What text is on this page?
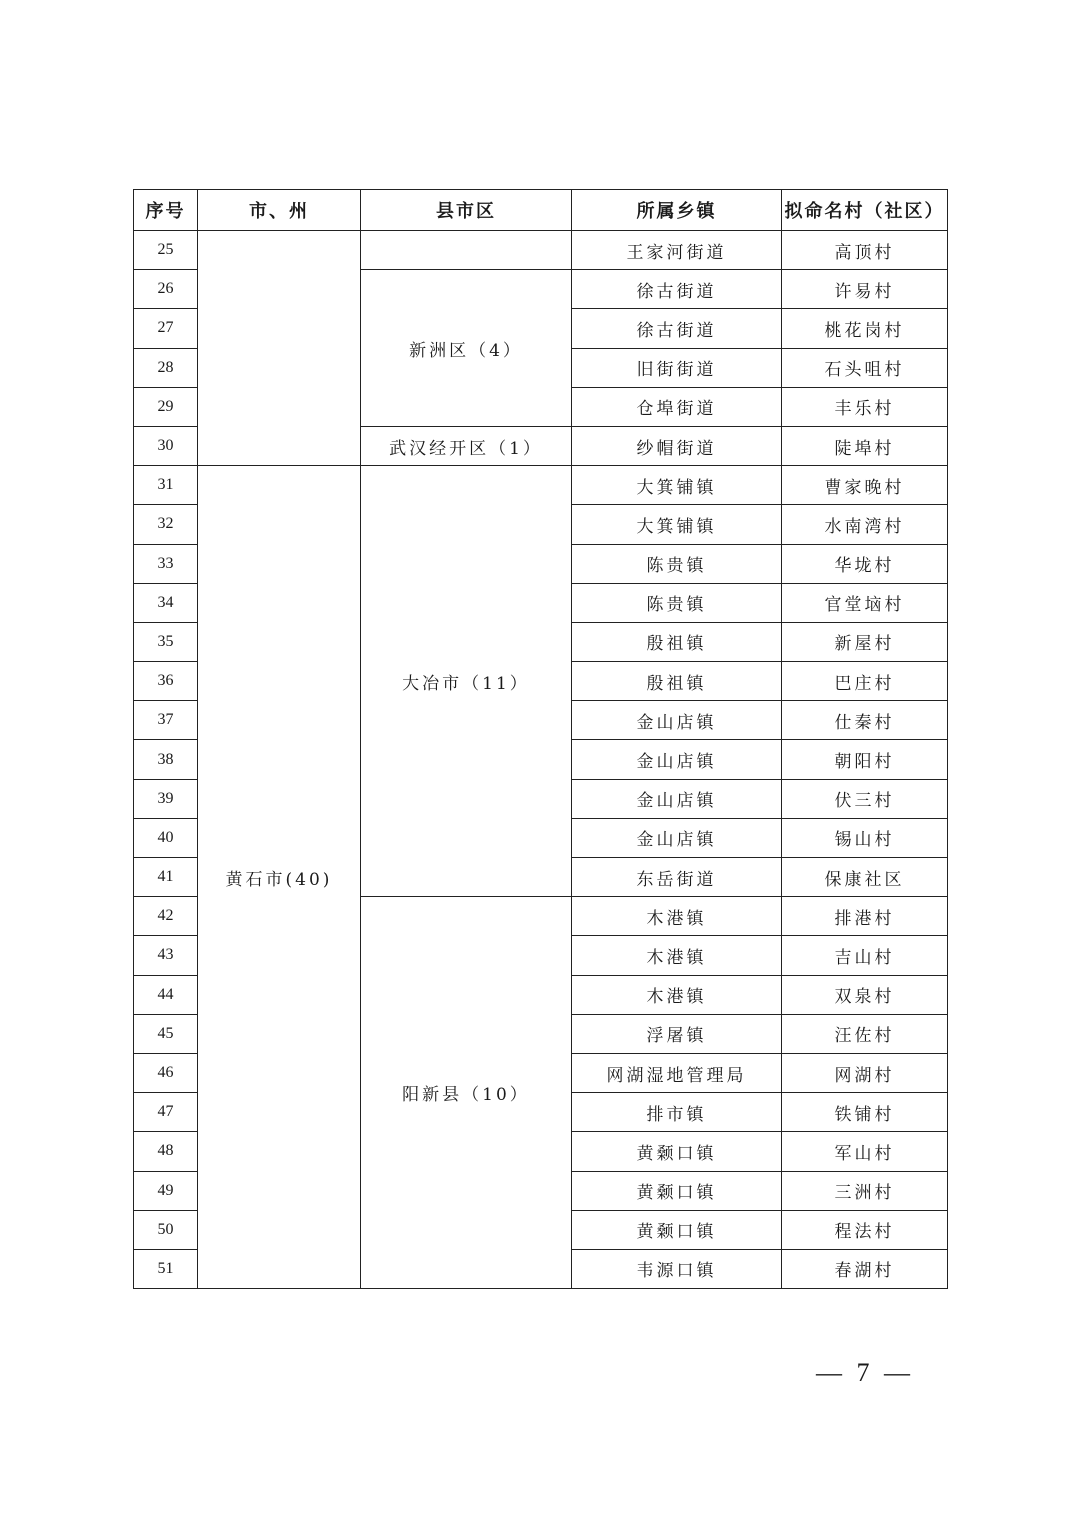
序号	市、州	县市区	所属乡镇	拟命名村（社区）
25			王家河街道	高顶村
26		新洲区（4）	徐古街道	许易村
27			徐古街道	桃花岗村
28			旧街街道	石头咀村
29			仓埠街道	丰乐村
30		武汉经开区（1）	纱帽街道	陡埠村
31	黄石市(40)	大冶市（11）	大箕铺镇	曹家晚村
32			大箕铺镇	水南湾村
33			陈贵镇	华垅村
34			陈贵镇	官堂垴村
35			殷祖镇	新屋村
36			殷祖镇	巴庄村
37			金山店镇	仕秦村
38			金山店镇	朝阳村
39			金山店镇	伏三村
40			金山店镇	锡山村
41			东岳街道	保康社区
42		阳新县（10）	木港镇	排港村
43			木港镇	吉山村
44			木港镇	双泉村
45			浮屠镇	汪佐村
46			网湖湿地管理局	网湖村
47			排市镇	铁铺村
48			黄颡口镇	军山村
49			黄颡口镇	三洲村
50			黄颡口镇	程法村
51			韦源口镇	春湖村
— 7 —
